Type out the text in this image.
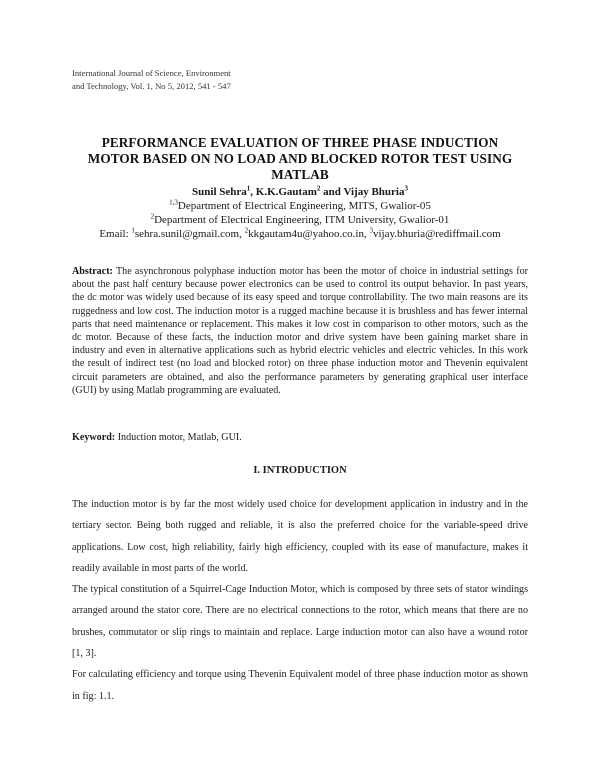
International Journal of Science, Environment
and Technology, Vol. 1, No 5, 2012, 541 - 547
PERFORMANCE EVALUATION OF THREE PHASE INDUCTION
MOTOR BASED ON NO LOAD AND BLOCKED ROTOR TEST USING
MATLAB
Sunil Sehra$^1$, K.K.Gautam$^2$ and Vijay Bhuria$^3$
$^{1,3}$Department of Electrical Engineering, MITS, Gwalior-05
$^2$Department of Electrical Engineering, ITM University, Gwalior-01
Email: $^1$sehra.sunil@gmail.com, $^2$kkgautam4u@yahoo.co.in, $^3$vijay.bhuria@rediffmail.com
Abstract: The asynchronous polyphase induction motor has been the motor of choice in industrial settings for about the past half century because power electronics can be used to control its output behavior. In past years, the dc motor was widely used because of its easy speed and torque controllability. The two main reasons are its ruggedness and low cost. The induction motor is a rugged machine because it is brushless and has fewer internal parts that need maintenance or replacement. This makes it low cost in comparison to other motors, such as the dc motor. Because of these facts, the induction motor and drive system have been gaining market share in industry and even in alternative applications such as hybrid electric vehicles and electric vehicles. In this work the result of indirect test (no load and blocked rotor) on three phase induction motor and Thevenin equivalent circuit parameters are obtained, and also the performance parameters by generating graphical user interface (GUI) by using Matlab programming are evaluated.
Keyword: Induction motor, Matlab, GUI.
I. INTRODUCTION

The induction motor is by far the most widely used choice for development application in industry and in the tertiary sector. Being both rugged and reliable, it is also the preferred choice for the variable-speed drive applications. Low cost, high reliability, fairly high efficiency, coupled with its ease of manufacture, makes it readily available in most parts of the world.

The typical constitution of a Squirrel-Cage Induction Motor, which is composed by three sets of stator windings arranged around the stator core. There are no electrical connections to the rotor, which means that there are no brushes, commutator or slip rings to maintain and replace. Large induction motor can also have a wound rotor [1, 3].

For calculating efficiency and torque using Thevenin Equivalent model of three phase induction motor as shown in fig: 1.1.
